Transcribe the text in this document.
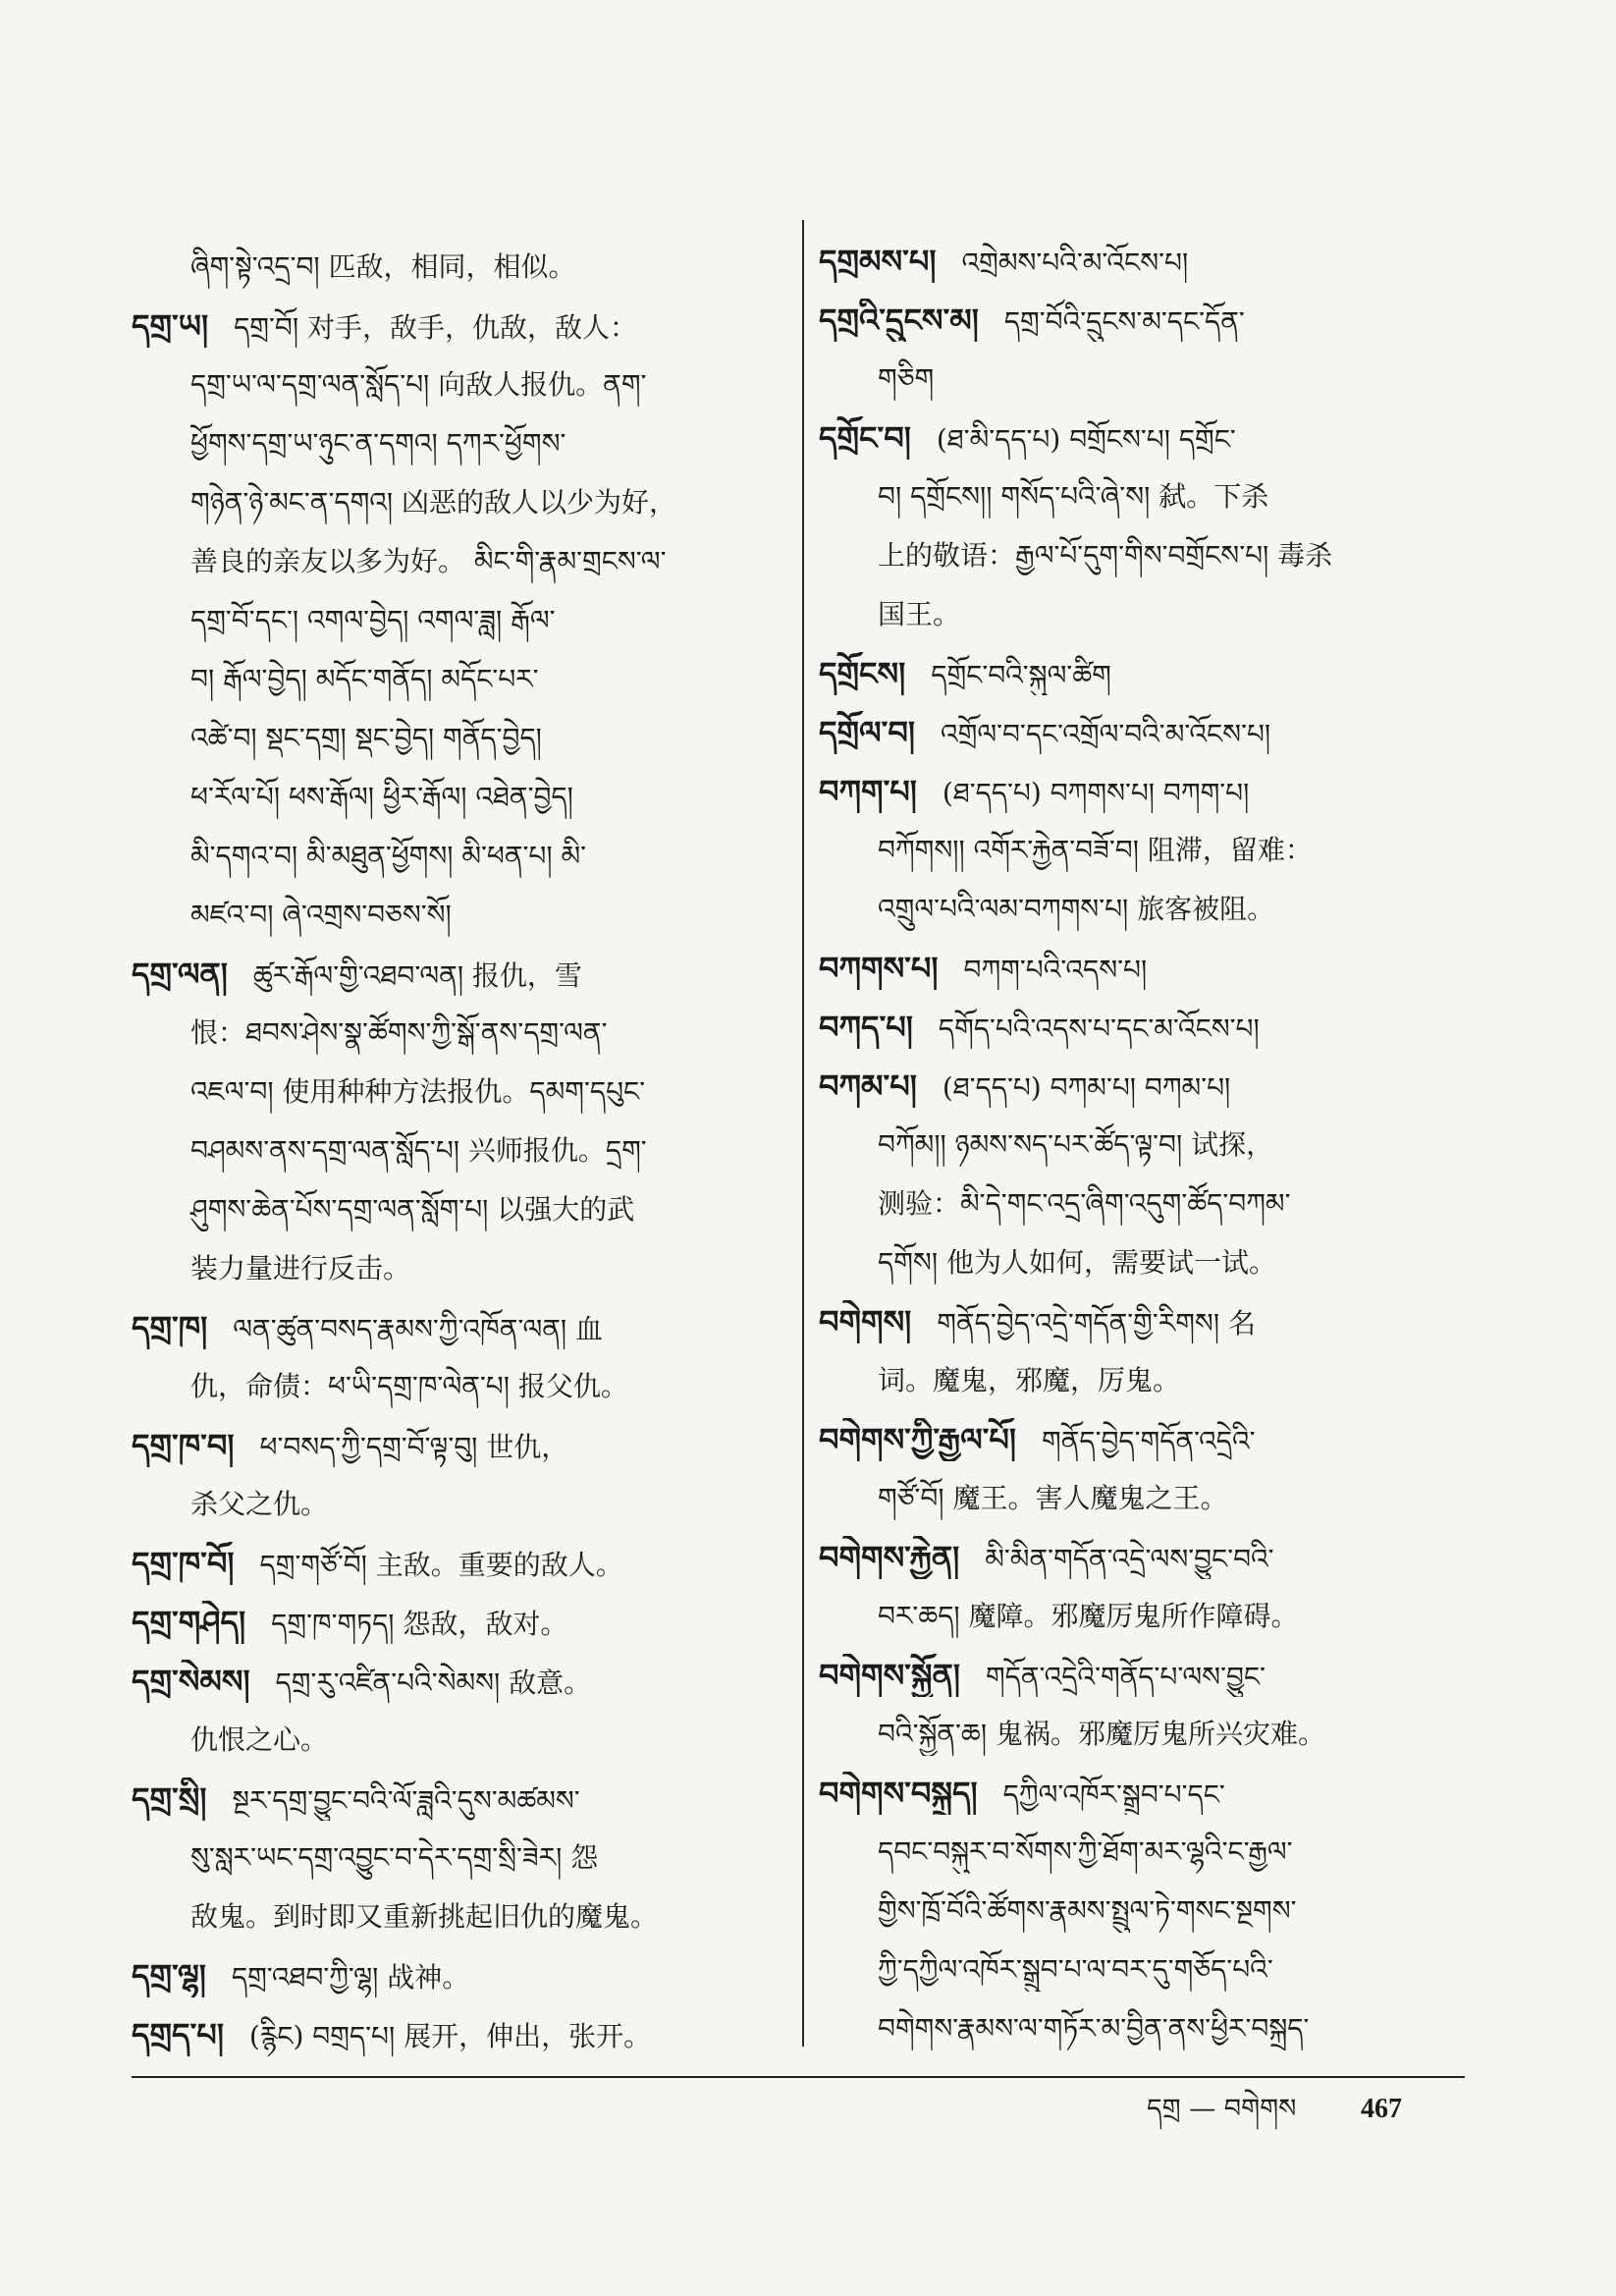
ཞིག་སྟེ་འདྲ་བ། 匹敌，相同，相似。
དགྲ་ཡ། དགྲ་བོ། 对手，敌手，仇敌，敌人：
དགྲ་ཡ་ལ་དགྲ་ལན་སློད་པ། 向敌人报仇。ནག་
ཕྱོགས་དགྲ་ཡ་ཉུང་ན་དགའ། དཀར་ཕྱོགས་
གཉེན་ཉེ་མང་ན་དགའ། 凶恶的敌人以少为好，
善良的亲友以多为好。 མིང་གི་རྣམ་གྲངས་ལ་
དགྲ་བོ་དང་། འགལ་བྱེད། འགལ་ཟླ། རྒོལ་
བ། རྒོལ་བྱེད། མདོང་གནོད། མདོང་པར་
འཚེ་བ། སྡང་དགྲ། སྡང་བྱེད། གནོད་བྱེད།
ཕ་རོལ་པོ། ཕས་རྒོལ། ཕྱིར་རྒོལ། འཐེན་བྱེད།
མི་དགའ་བ། མི་མཐུན་ཕྱོགས། མི་ཕན་པ། མི་
མཛའ་བ། ཞེ་འགྲས་བཅས་སོ།
དགྲ་ལན། ཚུར་རྒོལ་གྱི་འཐབ་ལན། 报仇，雪
恨：ཐབས་ཤེས་སྣ་ཚོགས་ཀྱི་སྒོ་ནས་དགྲ་ལན་
འཇལ་བ། 使用种种方法报仇。དམག་དཔུང་
བཤམས་ནས་དགྲ་ལན་སློད་པ། 兴师报仇。དྲག་
ཤུགས་ཆེན་པོས་དགྲ་ལན་སློག་པ། 以强大的武
装力量进行反击。
དགྲ་ཁ། ལན་ཚུན་བསད་རྣམས་ཀྱི་འཁོན་ལན། 血
仇，命债：ཕ་ཡི་དགྲ་ཁ་ལེན་པ། 报父仇。
དགྲ་ཁ་བ། ཕ་བསད་ཀྱི་དགྲ་བོ་ལྟ་བུ། 世仇，
杀父之仇。
དགྲ་ཁ་བོ། དགྲ་གཙོ་བོ། 主敌。重要的敌人。
དགྲ་གཤེད། དགྲ་ཁ་གཏད། 怨敌，敌对。
དགྲ་སེམས། དགྲ་རུ་འཛིན་པའི་སེམས། 敌意。
仇恨之心。
དགྲ་སྲི། སྔར་དགྲ་བྱུང་བའི་ལོ་ཟླའི་དུས་མཚམས་
སུ་སླར་ཡང་དགྲ་འབྱུང་བ་དེར་དགྲ་སྲི་ཟེར། 怨
敌鬼。到时即又重新挑起旧仇的魔鬼。
དགྲ་ལྷ། དགྲ་འཐབ་ཀྱི་ལྷ། 战神。
དགྲད་པ། (རྙིང) བགྲད་པ། 展开，伸出，张开。
དགྲམས་པ། འགྲེམས་པའི་མ་འོངས་པ།
དགྲའི་དྲུངས་མ། དགྲ་བོའི་དྲུངས་མ་དང་དོན་
གཅིག
དགྲོང་བ། (ཐ་མི་དད་པ) བགྲོངས་པ། དགྲོང་
བ། དགྲོངས།། གསོད་པའི་ཞེ་ས། 弑。下杀
上的敬语：རྒྱལ་པོ་དུག་གིས་བགྲོངས་པ། 毒杀
国王。
དགྲོངས། དགྲོང་བའི་སྐུལ་ཚིག
དགྲོལ་བ། འགྲོལ་བ་དང་འགྲོལ་བའི་མ་འོངས་པ།
བཀག་པ། (ཐ་དད་པ) བཀགས་པ། བཀག་པ།
བཀོགས།། འགོར་རྐྱེན་བཟོ་བ། 阻滞，留难：
འགྲུལ་པའི་ལམ་བཀགས་པ། 旅客被阻。
བཀགས་པ། བཀག་པའི་འདས་པ།
བཀད་པ། དགོད་པའི་འདས་པ་དང་མ་འོངས་པ།
བཀམ་པ། (ཐ་དད་པ) བཀམ་པ། བཀམ་པ།
བཀོམ།། ཉམས་སད་པར་ཚོད་ལྟ་བ། 试探，
测验：མི་དེ་གང་འདྲ་ཞིག་འདུག་ཚོད་བཀམ་
དགོས། 他为人如何，需要试一试。
བགེགས། གནོད་བྱེད་འདྲེ་གདོན་གྱི་རིགས། 名
词。魔鬼，邪魔，厉鬼。
བགེགས་ཀྱི་རྒྱལ་པོ། གནོད་བྱེད་གདོན་འདྲེའི་
གཙོ་བོ། 魔王。害人魔鬼之王。
བགེགས་རྐྱེན། མི་མིན་གདོན་འདྲེ་ལས་བྱུང་བའི་
བར་ཆད། 魔障。邪魔厉鬼所作障碍。
བགེགས་སྐྱོན། གདོན་འདྲེའི་གནོད་པ་ལས་བྱུང་
བའི་སྐྱོན་ཆ། 鬼祸。邪魔厉鬼所兴灾难。
བགེགས་བསྐྲད། དཀྱིལ་འཁོར་སྒྲུབ་པ་དང་
དབང་བསྐུར་བ་སོགས་ཀྱི་ཐོག་མར་ལྷའི་ང་རྒྱལ་
གྱིས་ཁྲོ་བོའི་ཚོགས་རྣམས་སྤྲུལ་ཏེ་གསང་སྔགས་
ཀྱི་དཀྱིལ་འཁོར་སྒྲུབ་པ་ལ་བར་དུ་གཅོད་པའི་
བགེགས་རྣམས་ལ་གཏོར་མ་བྱིན་ནས་ཕྱིར་བསྐྲད་
དགྲ — བགེགས 467
